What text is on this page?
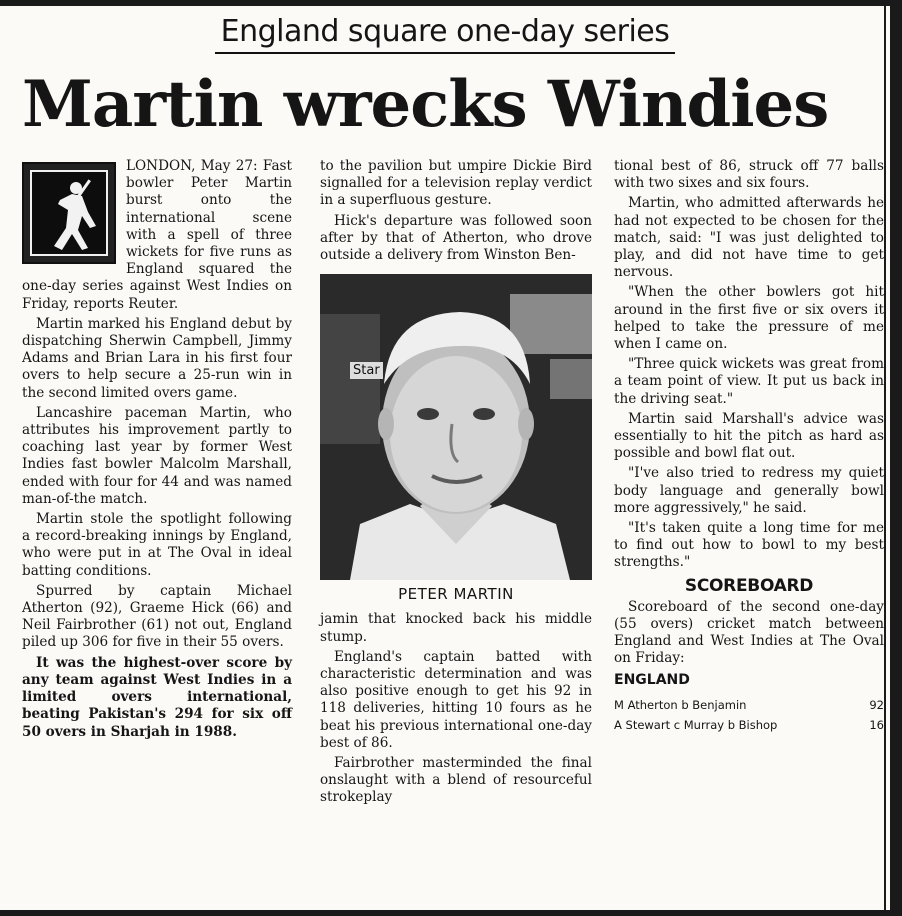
England square one-day series
Martin wrecks Windies

LONDON, May 27: Fast bowler Peter Martin burst onto the international scene with a spell of three wickets for five runs as England squared the one-day series against West Indies on Friday, reports Reuter.

Martin marked his England debut by dispatching Sherwin Campbell, Jimmy Adams and Brian Lara in his first four overs to help secure a 25-run win in the second limited overs game.

Lancashire paceman Martin, who attributes his improvement partly to coaching last year by former West Indies fast bowler Malcolm Marshall, ended with four for 44 and was named man-of-the match.

Martin stole the spotlight following a record-breaking innings by England, who were put in at The Oval in ideal batting conditions.

Spurred by captain Michael Atherton (92), Graeme Hick (66) and Neil Fairbrother (61) not out, England piled up 306 for five in their 55 overs.

It was the highest-over score by any team against West Indies in a limited overs international, beating Pakistan's 294 for six off 50 overs in Sharjah in 1988.

to the pavilion but umpire Dickie Bird signalled for a television replay verdict in a superfluous gesture.

Hick's departure was followed soon after by that of Atherton, who drove outside a delivery from Winston Ben-

Star
PETER MARTIN

jamin that knocked back his middle stump.

England's captain batted with characteristic determination and was also positive enough to get his 92 in 118 deliveries, hitting 10 fours as he beat his previous international one-day best of 86.

Fairbrother masterminded the final onslaught with a blend of resourceful strokeplay

tional best of 86, struck off 77 balls with two sixes and six fours.

Martin, who admitted afterwards he had not expected to be chosen for the match, said: "I was just delighted to play, and did not have time to get nervous.

"When the other bowlers got hit around in the first five or six overs it helped to take the pressure of me when I came on.

"Three quick wickets was great from a team point of view. It put us back in the driving seat."

Martin said Marshall's advice was essentially to hit the pitch as hard as possible and bowl flat out.

"I've also tried to redress my quiet body language and generally bowl more aggressively," he said.

"It's taken quite a long time for me to find out how to bowl to my best strengths."

SCOREBOARD

Scoreboard of the second one-day (55 overs) cricket match between England and West Indies at The Oval on Friday:

ENGLAND
M Atherton b Benjamin	92
A Stewart c Murray b Bishop	16
